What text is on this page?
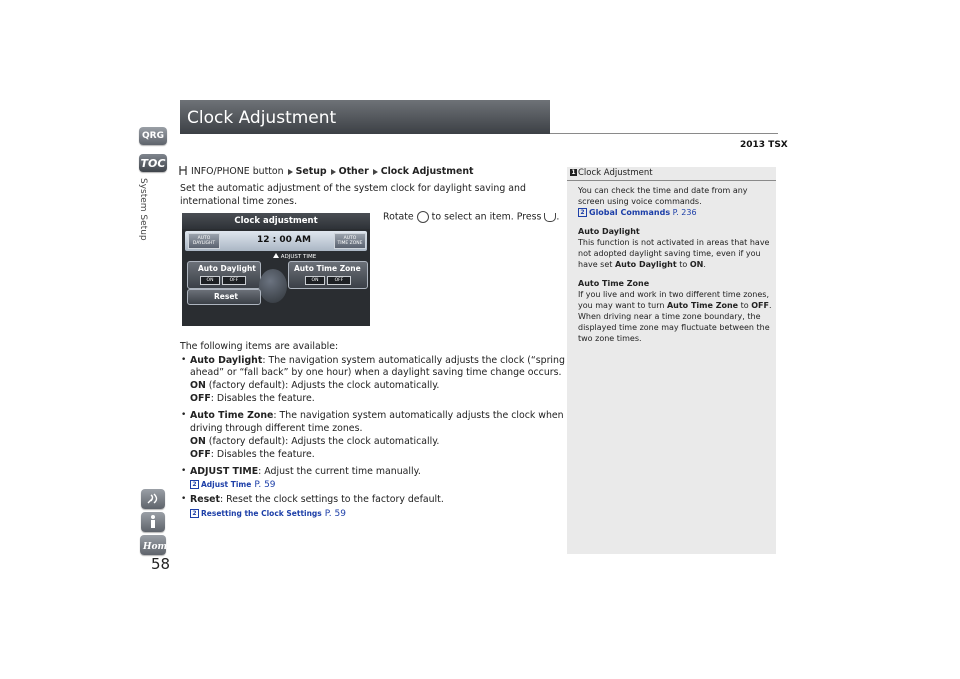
QRG
TOC
System Setup
Home
58
Clock Adjustment
2013 TSX
INFO/PHONE button Setup Other Clock Adjustment
Set the automatic adjustment of the system clock for daylight saving and
international time zones.
Rotate to select an item. Press .
Clock adjustment
AUTO
DAYLIGHT	12 : 00 AM	AUTO
TIME ZONE
ADJUST TIME
Auto Daylight
ON	OFF
Auto Time Zone
ON	OFF
Reset
The following items are available:
• Auto Daylight: The navigation system automatically adjusts the clock (“spring
ahead” or “fall back” by one hour) when a daylight saving time change occurs.
ON (factory default): Adjusts the clock automatically.
OFF: Disables the feature.
• Auto Time Zone: The navigation system automatically adjusts the clock when
driving through different time zones.
ON (factory default): Adjusts the clock automatically.
OFF: Disables the feature.
• ADJUST TIME: Adjust the current time manually.
2 Adjust Time P. 59
• Reset: Reset the clock settings to the factory default.
2 Resetting the Clock Settings P. 59
1 Clock Adjustment
You can check the time and date from any
screen using voice commands.
2 Global Commands P. 236
Auto Daylight
This function is not activated in areas that have
not adopted daylight saving time, even if you
have set Auto Daylight to ON.
Auto Time Zone
If you live and work in two different time zones,
you may want to turn Auto Time Zone to OFF.
When driving near a time zone boundary, the
displayed time zone may fluctuate between the
two zone times.
